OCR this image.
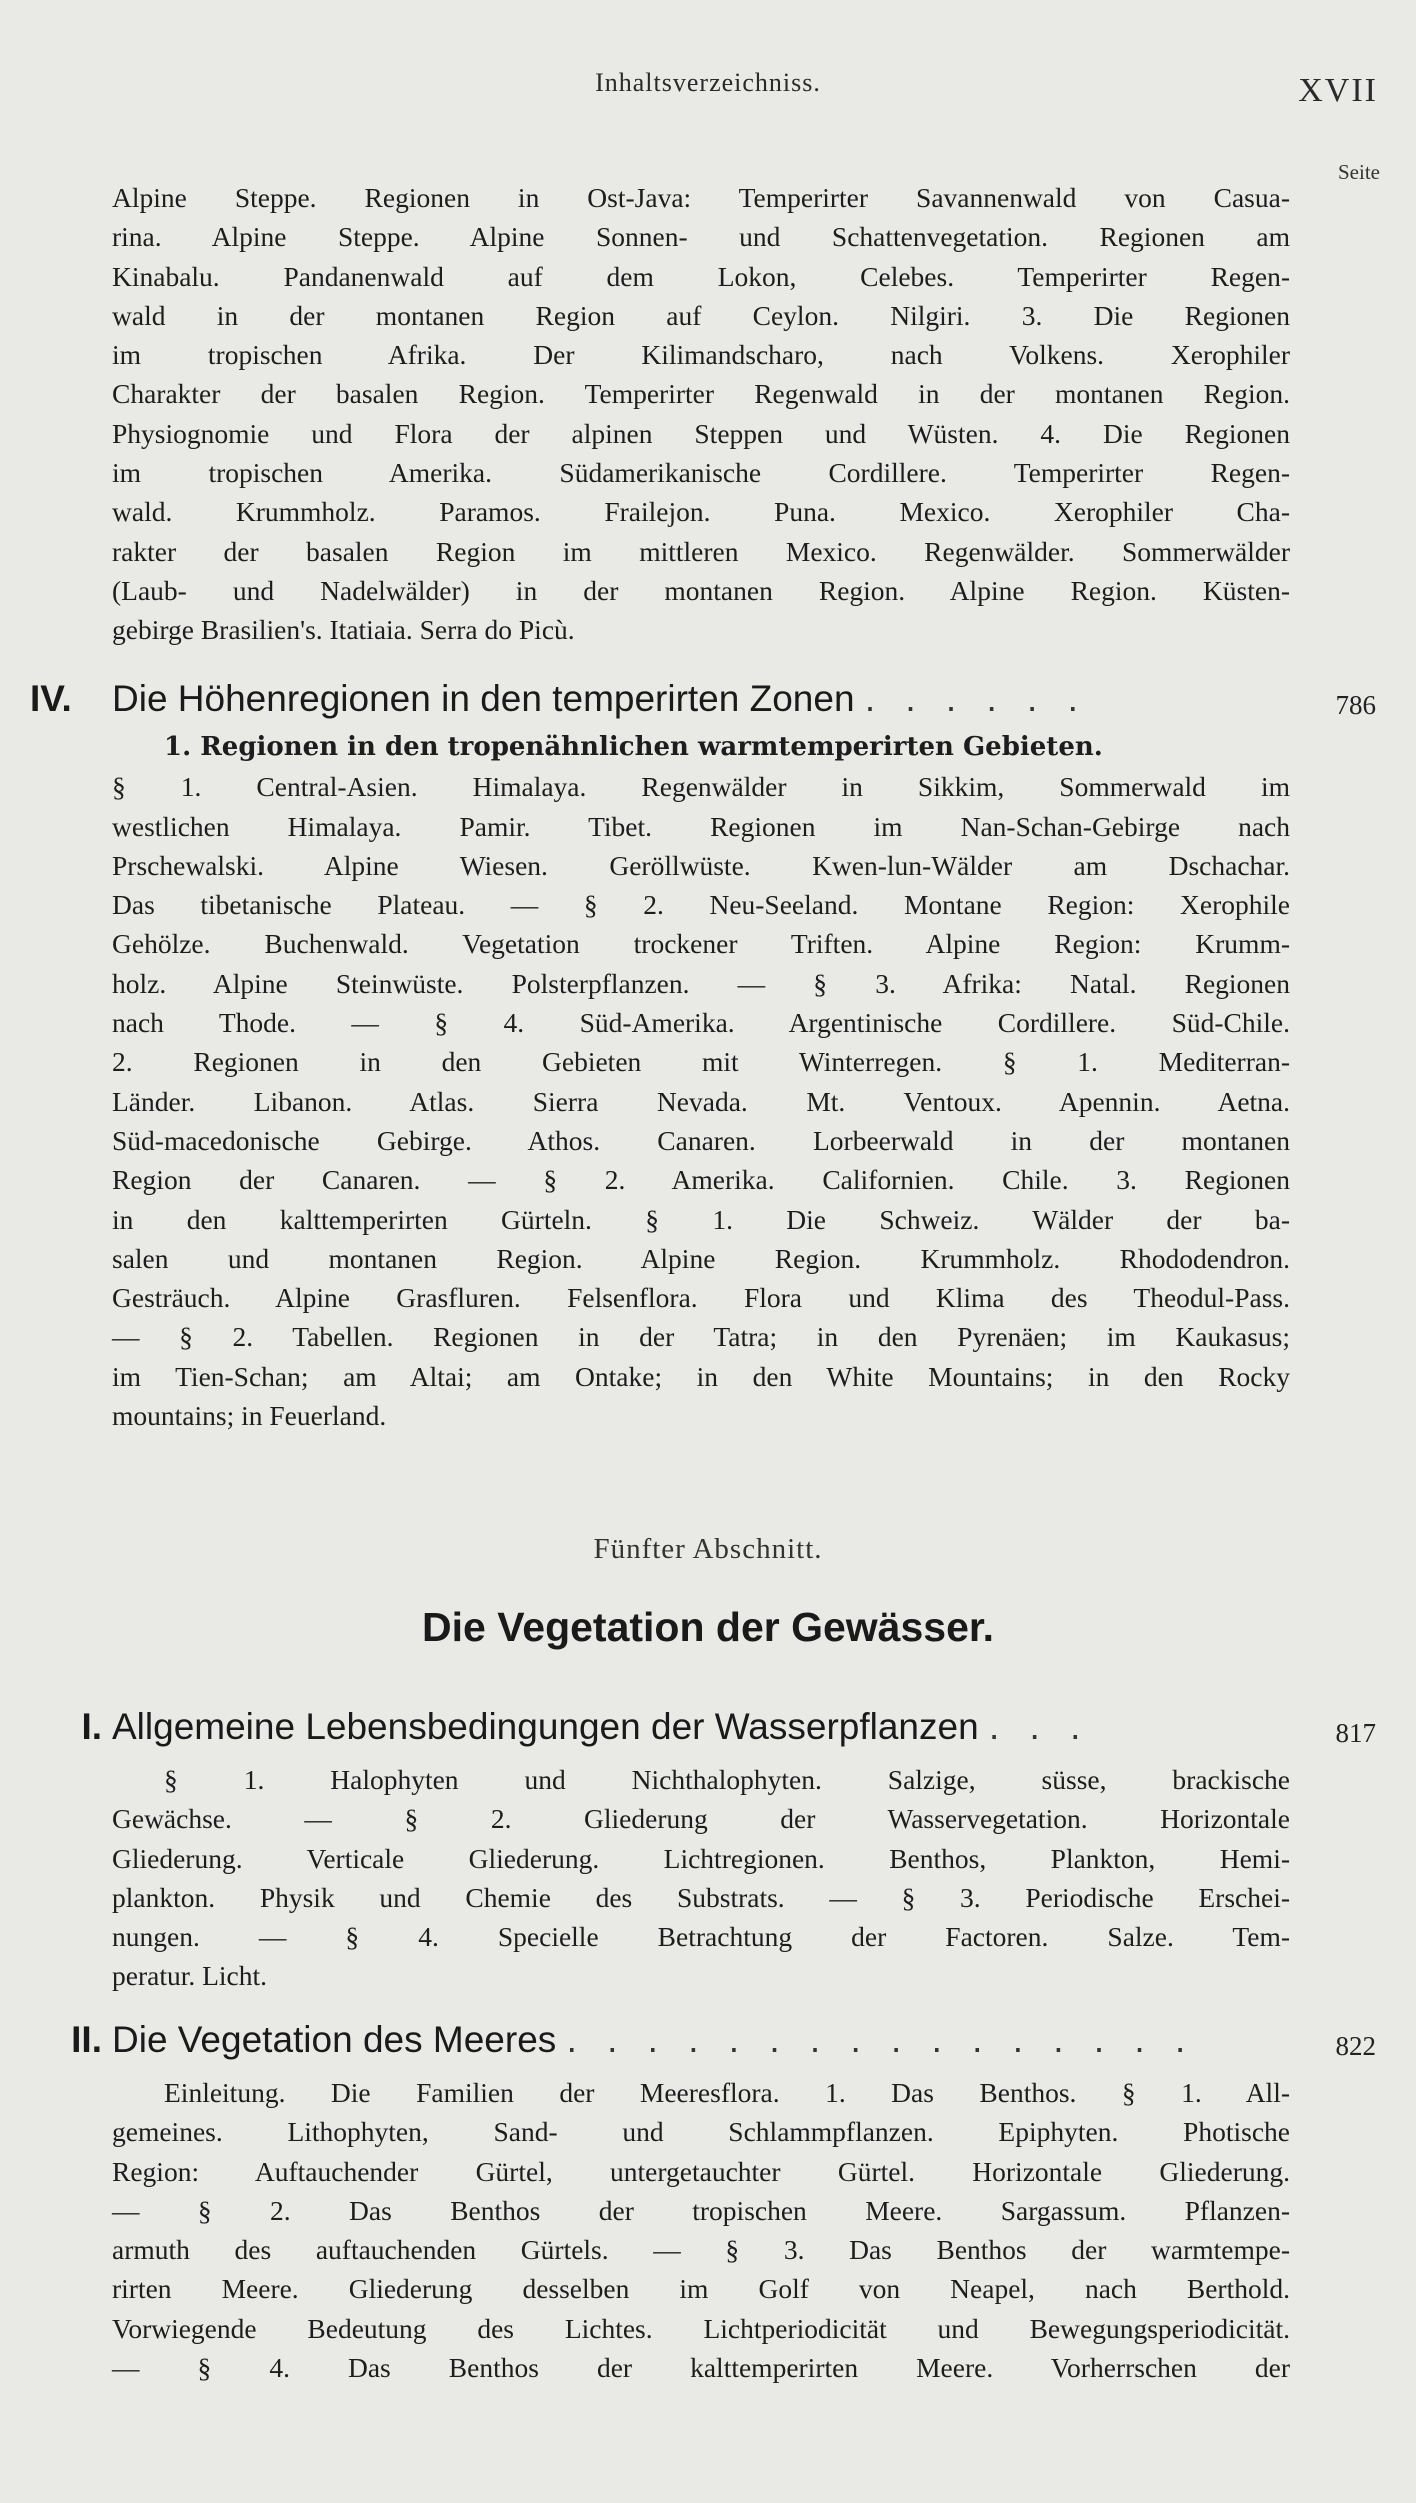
Inhaltsverzeichniss.	XVII
Seite
Alpine Steppe. Regionen in Ost-Java: Temperirter Savannenwald von Casua-
rina. Alpine Steppe. Alpine Sonnen- und Schattenvegetation. Regionen am
Kinabalu. Pandanenwald auf dem Lokon, Celebes. Temperirter Regen-
wald in der montanen Region auf Ceylon. Nilgiri. 3. Die Regionen
im tropischen Afrika. Der Kilimandscharo, nach Volkens. Xerophiler
Charakter der basalen Region. Temperirter Regenwald in der montanen Region.
Physiognomie und Flora der alpinen Steppen und Wüsten. 4. Die Regionen
im tropischen Amerika. Südamerikanische Cordillere. Temperirter Regen-
wald. Krummholz. Paramos. Frailejon. Puna. Mexico. Xerophiler Cha-
rakter der basalen Region im mittleren Mexico. Regenwälder. Sommerwälder
(Laub- und Nadelwälder) in der montanen Region. Alpine Region. Küsten-
gebirge Brasilien's. Itatiaia. Serra do Picù.
IV. Die Höhenregionen in den temperirten Zonen . . . . . .	786
1. Regionen in den tropenähnlichen warmtemperirten Gebieten.
§ 1. Central-Asien. Himalaya. Regenwälder in Sikkim, Sommerwald im
westlichen Himalaya. Pamir. Tibet. Regionen im Nan-Schan-Gebirge nach
Prschewalski. Alpine Wiesen. Geröllwüste. Kwen-lun-Wälder am Dschachar.
Das tibetanische Plateau. — § 2. Neu-Seeland. Montane Region: Xerophile
Gehölze. Buchenwald. Vegetation trockener Triften. Alpine Region: Krumm-
holz. Alpine Steinwüste. Polsterpflanzen. — § 3. Afrika: Natal. Regionen
nach Thode. — § 4. Süd-Amerika. Argentinische Cordillere. Süd-Chile.
2. Regionen in den Gebieten mit Winterregen. § 1. Mediterran-
Länder. Libanon. Atlas. Sierra Nevada. Mt. Ventoux. Apennin. Aetna.
Süd-macedonische Gebirge. Athos. Canaren. Lorbeerwald in der montanen
Region der Canaren. — § 2. Amerika. Californien. Chile. 3. Regionen
in den kalttemperirten Gürteln. § 1. Die Schweiz. Wälder der ba-
salen und montanen Region. Alpine Region. Krummholz. Rhododendron.
Gesträuch. Alpine Grasfluren. Felsenflora. Flora und Klima des Theodul-Pass.
— § 2. Tabellen. Regionen in der Tatra; in den Pyrenäen; im Kaukasus;
im Tien-Schan; am Altai; am Ontake; in den White Mountains; in den Rocky
mountains; in Feuerland.
Fünfter Abschnitt.
Die Vegetation der Gewässer.
I. Allgemeine Lebensbedingungen der Wasserpflanzen . . .	817
§ 1. Halophyten und Nichthalophyten. Salzige, süsse, brackische
Gewächse. — § 2. Gliederung der Wasservegetation. Horizontale
Gliederung. Verticale Gliederung. Lichtregionen. Benthos, Plankton, Hemi-
plankton. Physik und Chemie des Substrats. — § 3. Periodische Erschei-
nungen. — § 4. Specielle Betrachtung der Factoren. Salze. Tem-
peratur. Licht.
II. Die Vegetation des Meeres . . . . . . . . . . . . . . . .	822
Einleitung. Die Familien der Meeresflora. 1. Das Benthos. § 1. All-
gemeines. Lithophyten, Sand- und Schlammpflanzen. Epiphyten. Photische
Region: Auftauchender Gürtel, untergetauchter Gürtel. Horizontale Gliederung.
— § 2. Das Benthos der tropischen Meere. Sargassum. Pflanzen-
armuth des auftauchenden Gürtels. — § 3. Das Benthos der warmtempe-
rirten Meere. Gliederung desselben im Golf von Neapel, nach Berthold.
Vorwiegende Bedeutung des Lichtes. Lichtperiodicität und Bewegungsperiodicität.
— § 4. Das Benthos der kalttemperirten Meere. Vorherrschen der
